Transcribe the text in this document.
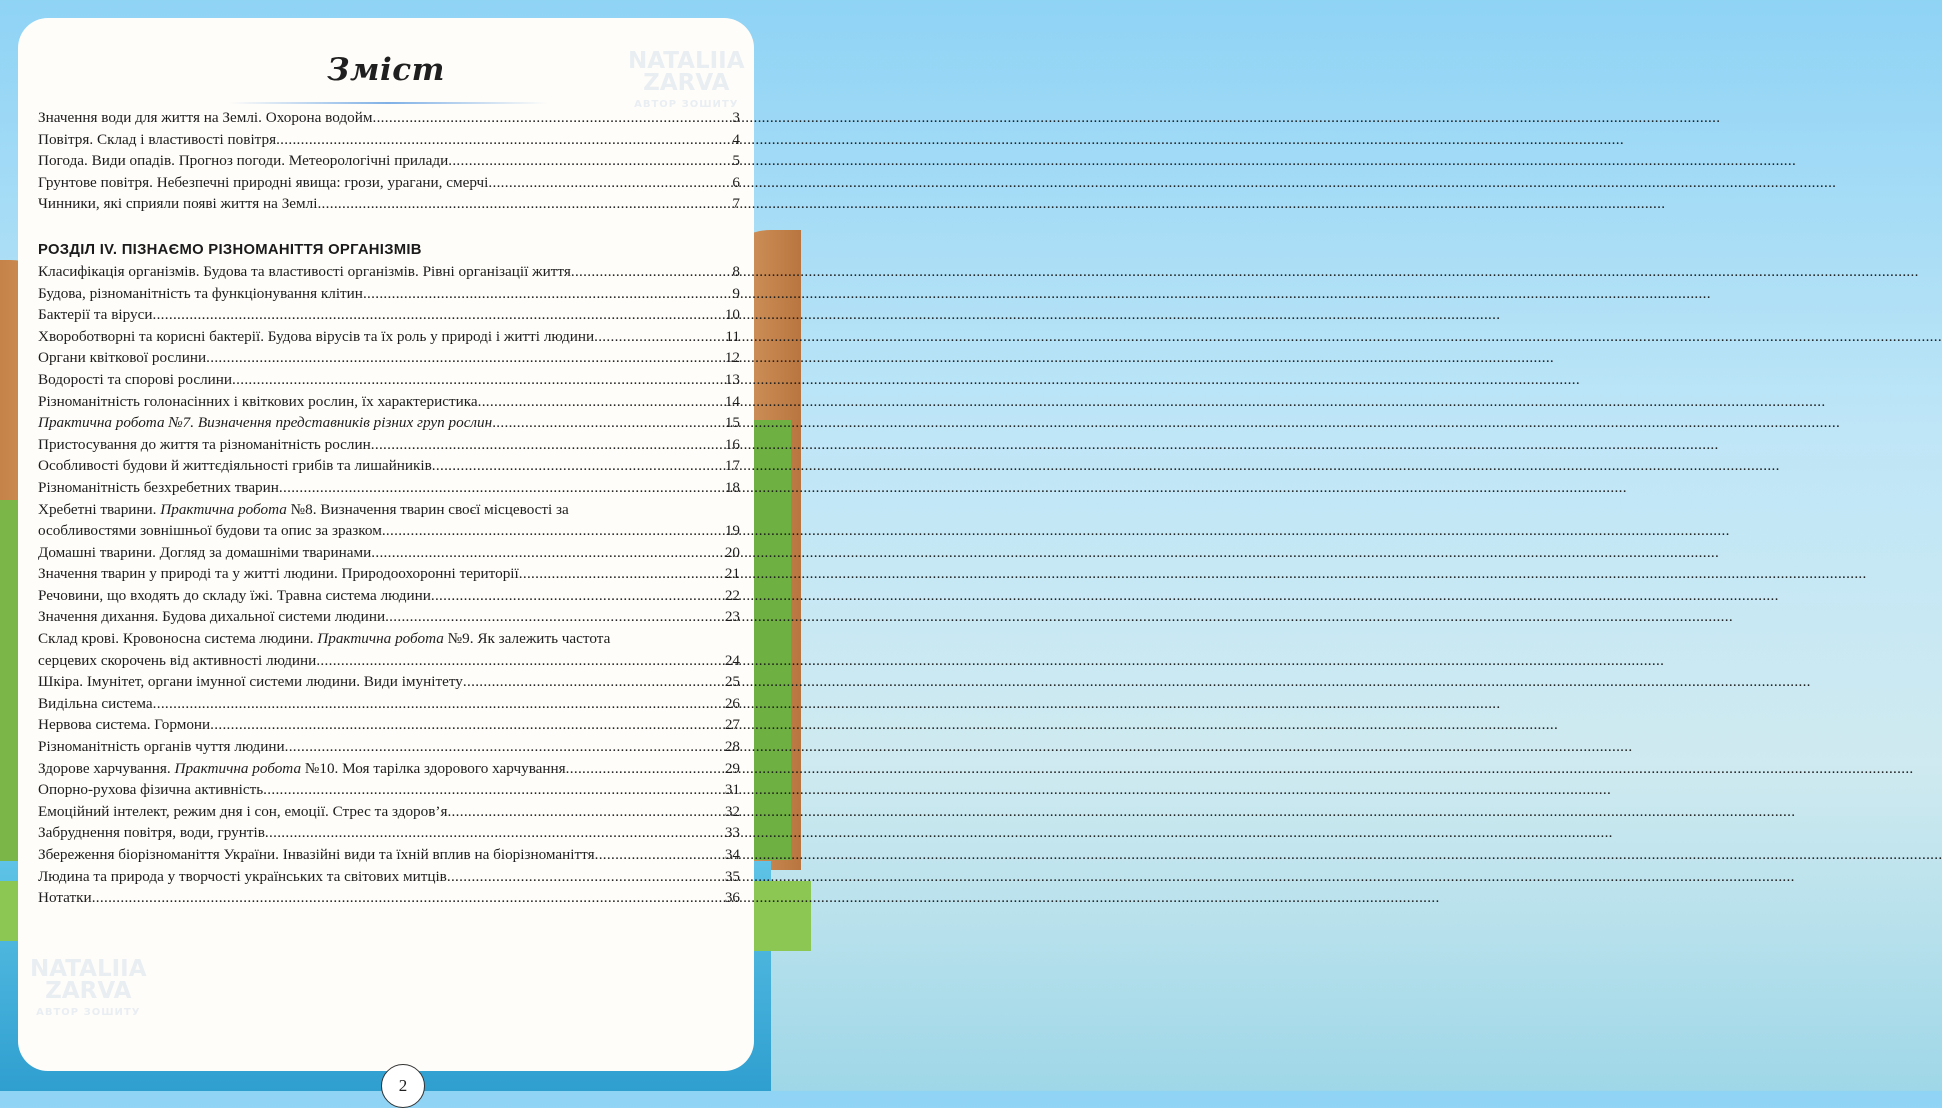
NATALIIA
ZARVA
АВТОР ЗОШИТУ
NATALIIA
ZARVA
АВТОР ЗОШИТУ
Зміст
Значення води для життя на Землі. Охорона водойм .....	3
Повітря. Склад і властивості повітря .....	4
Погода. Види опадів. Прогноз погоди. Метеорологічні прилади .....	5
Грунтове повітря. Небезпечні природні явища: грози, урагани, смерчі .....	6
Чинники, які сприяли появі життя на Землі .....	7
РОЗДІЛ IV. ПІЗНАЄМО РІЗНОМАНІТТЯ ОРГАНІЗМІВ
Класифікація організмів. Будова та властивості організмів. Рівні організації життя .....	8
Будова, різноманітність та функціонування клітин .....	9
Бактерії та віруси .....	10
Хвороботворні та корисні бактерії. Будова вірусів та їх роль у природі і житті людини .....	11
Органи квіткової рослини .....	12
Водорості та спорові рослини .....	13
Різноманітність голонасінних і квіткових рослин, їх характеристика .....	14
Практична робота №7. Визначення представників різних груп рослин .....	15
Пристосування до життя та різноманітність рослин .....	16
Особливості будови й життєдіяльності грибів та лишайників .....	17
Різноманітність безхребетних тварин .....	18
Хребетні тварини. Практична робота №8. Визначення тварин своєї місцевості за
особливостями зовнішньої будови та опис за зразком .....	19
Домашні тварини. Догляд за домашніми тваринами .....	20
Значення тварин у природі та у житті людини. Природоохоронні території .....	21
Речовини, що входять до складу їжі. Травна система людини .....	22
Значення дихання. Будова дихальної системи людини .....	23
Склад крові. Кровоносна система людини. Практична робота №9. Як залежить частота
серцевих скорочень від активності людини .....	24
Шкіра. Імунітет, органи імунної системи людини. Види імунітету .....	25
Видільна система .....	26
Нервова система. Гормони .....	27
Різноманітність органів чуття людини .....	28
Здорове харчування. Практична робота №10. Моя тарілка здорового харчування .....	29
Опорно-рухова фізична активність .....	31
Емоційний інтелект, режим дня і сон, емоції. Стрес та здоров’я .....	32
Забруднення повітря, води, грунтів .....	33
Збереження біорізноманіття України. Інвазійні види та їхній вплив на біорізноманіття .....	34
Людина та природа у творчості українських та світових митців .....	35
Нотатки .....	36
2
